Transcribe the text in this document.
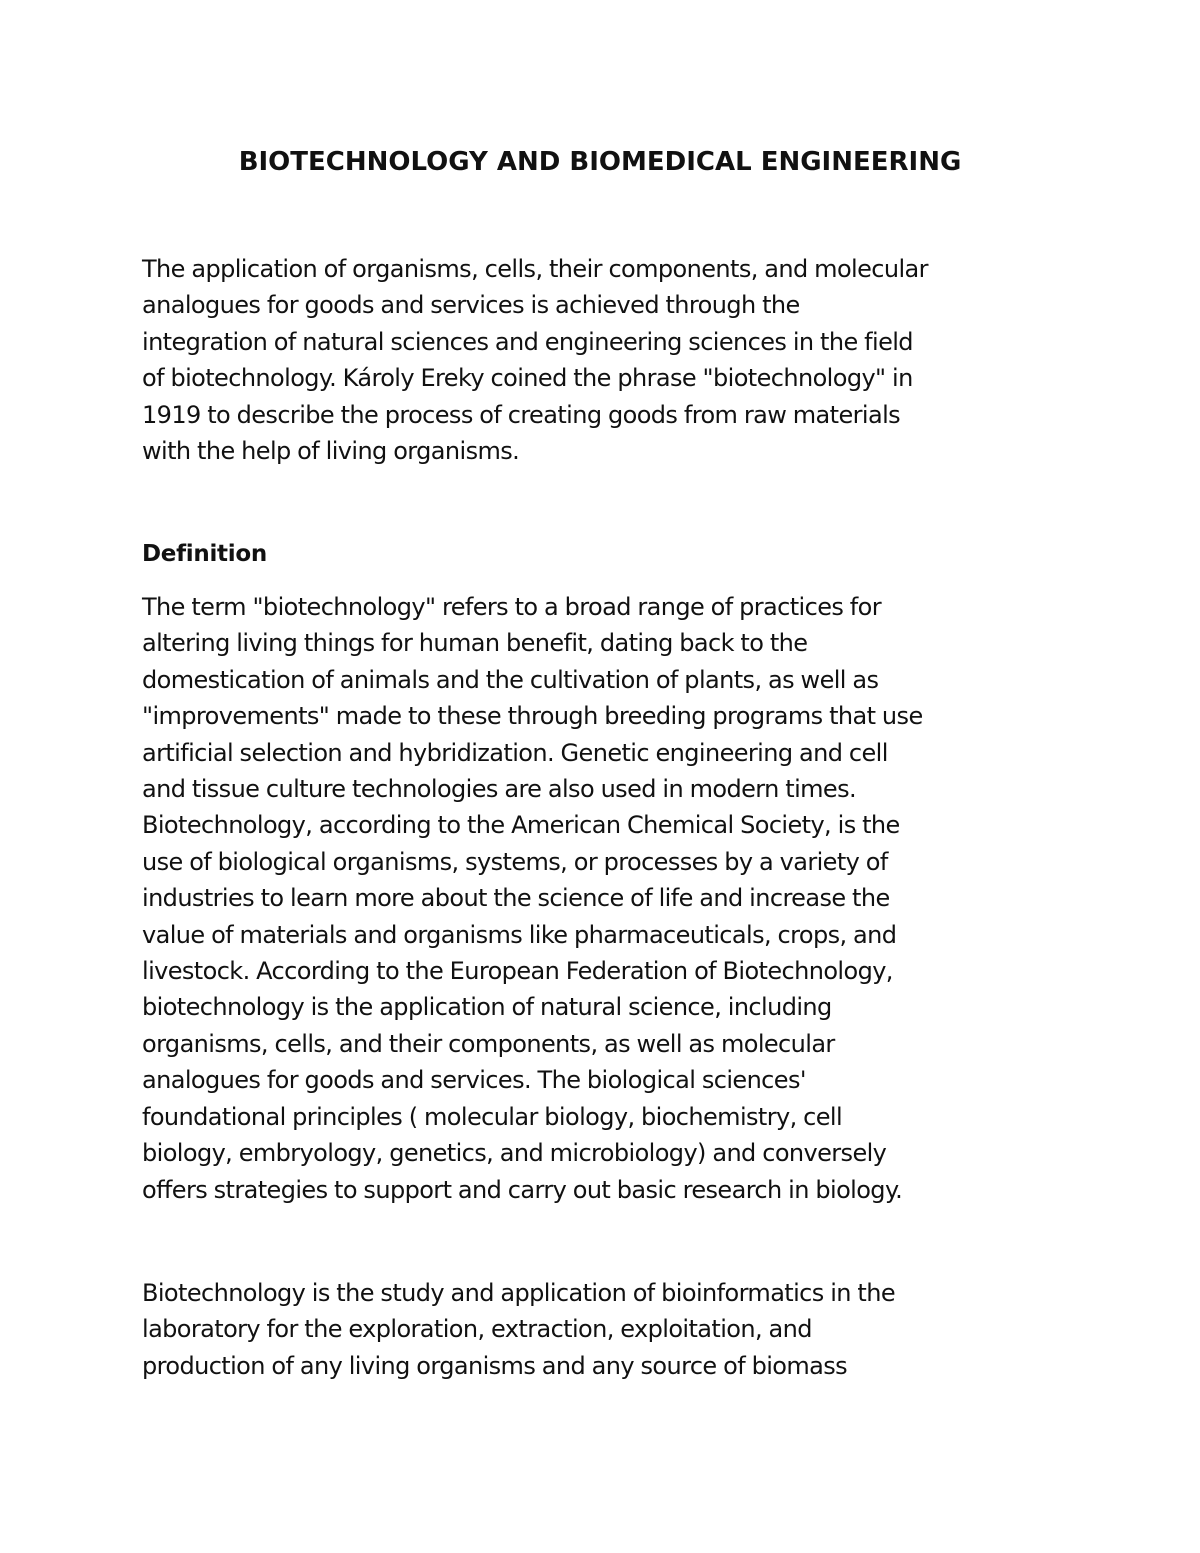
BIOTECHNOLOGY AND BIOMEDICAL ENGINEERING

The application of organisms, cells, their components, and molecular
analogues for goods and services is achieved through the
integration of natural sciences and engineering sciences in the field
of biotechnology. Károly Ereky coined the phrase "biotechnology" in
1919 to describe the process of creating goods from raw materials
with the help of living organisms.

Definition

The term "biotechnology" refers to a broad range of practices for
altering living things for human benefit, dating back to the
domestication of animals and the cultivation of plants, as well as
"improvements" made to these through breeding programs that use
artificial selection and hybridization. Genetic engineering and cell
and tissue culture technologies are also used in modern times.
Biotechnology, according to the American Chemical Society, is the
use of biological organisms, systems, or processes by a variety of
industries to learn more about the science of life and increase the
value of materials and organisms like pharmaceuticals, crops, and
livestock. According to the European Federation of Biotechnology,
biotechnology is the application of natural science, including
organisms, cells, and their components, as well as molecular
analogues for goods and services. The biological sciences'
foundational principles ( molecular biology, biochemistry, cell
biology, embryology, genetics, and microbiology) and conversely
offers strategies to support and carry out basic research in biology.

Biotechnology is the study and application of bioinformatics in the
laboratory for the exploration, extraction, exploitation, and
production of any living organisms and any source of biomass
